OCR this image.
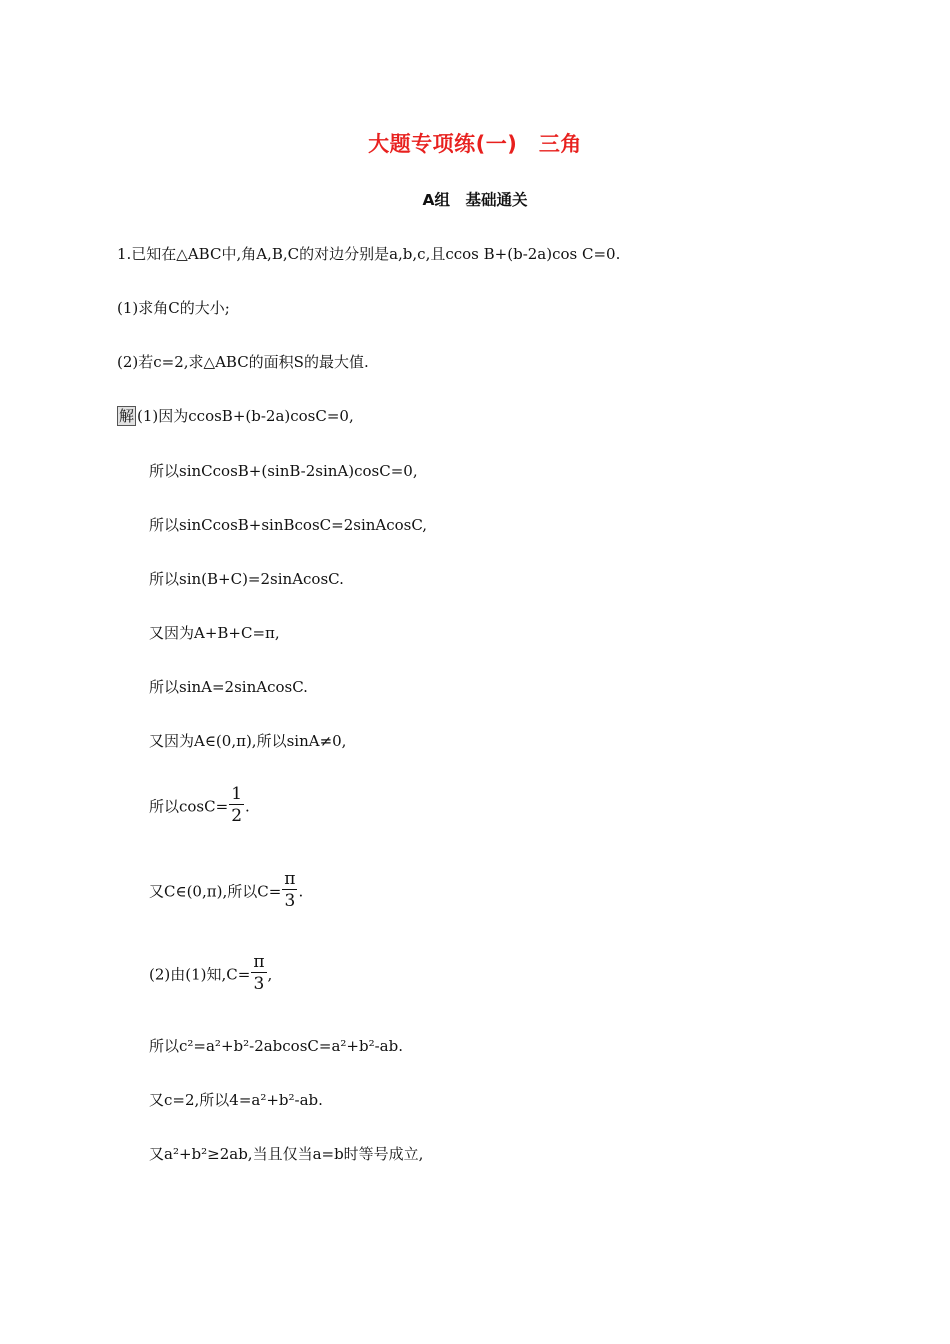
大题专项练(一)　三角
A组　基础通关
1.已知在△ABC中,角A,B,C的对边分别是a,b,c,且ccos B+(b-2a)cos C=0.
(1)求角C的大小;
(2)若c=2,求△ABC的面积S的最大值.
解 (1)因为ccosB+(b-2a)cosC=0,
所以sinCcosB+(sinB-2sinA)cosC=0,
所以sinCcosB+sinBcosC=2sinAcosC,
所以sin(B+C)=2sinAcosC.
又因为A+B+C=π,
所以sinA=2sinAcosC.
又因为A∈(0,π),所以sinA≠0,
所以$\cos C= \frac{1}{2}$ .
又C∈(0,π),所以$C= \frac{\pi}{3}$ .
(2)由(1)知$,C= \frac{\pi}{3}$ ,
所以c²=a²+b²-2abcosC=a²+b²-ab.
又c=2,所以4=a²+b²-ab.
又a²+b²≥2ab,当且仅当a=b时等号成立,
